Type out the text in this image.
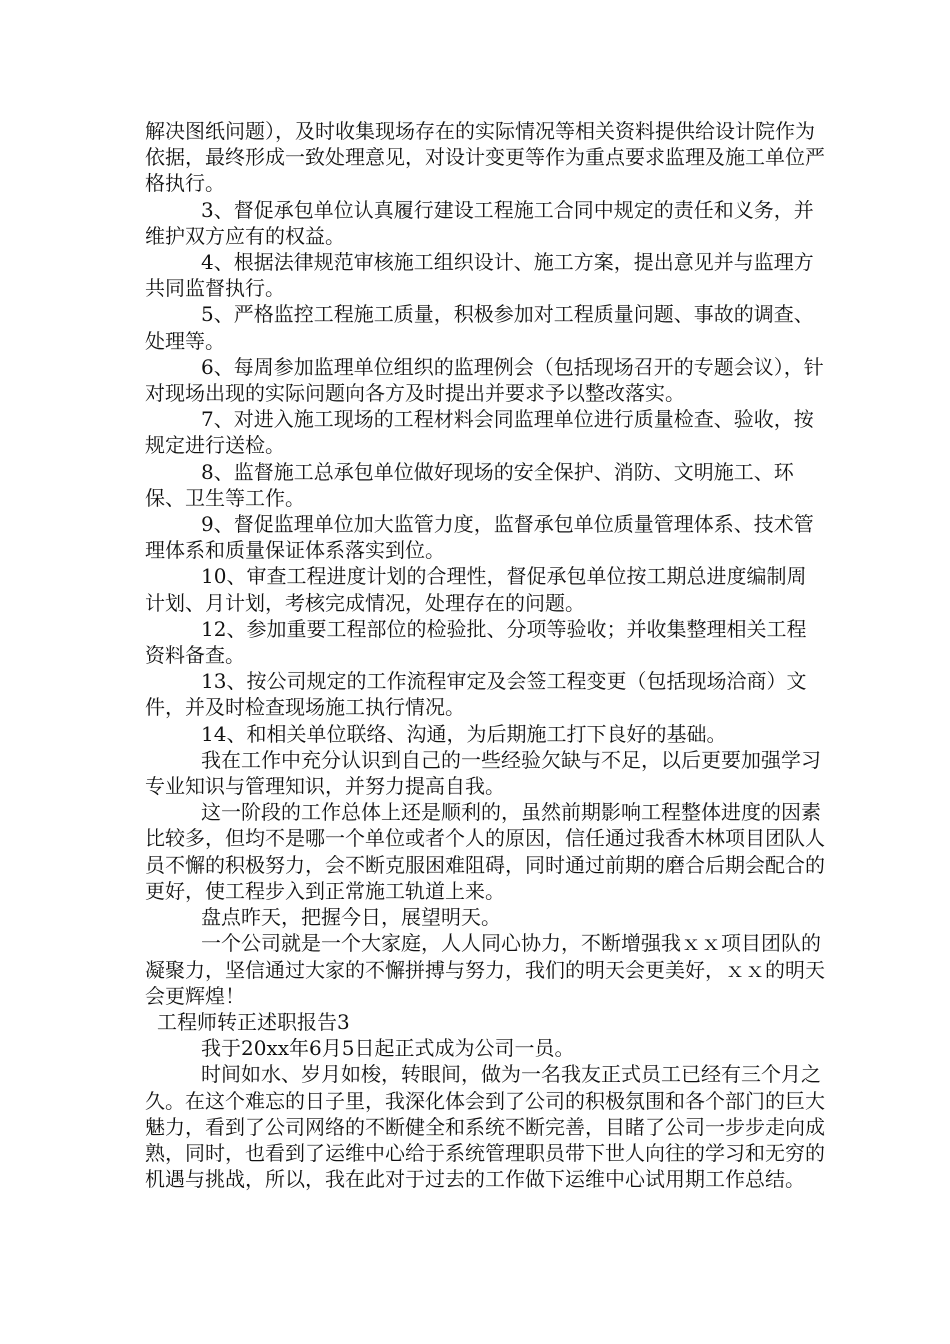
解决图纸问题），及时收集现场存在的实际情况等相关资料提供给设计院作为依据，最终形成一致处理意见，对设计变更等作为重点要求监理及施工单位严格执行。

3、督促承包单位认真履行建设工程施工合同中规定的责任和义务，并维护双方应有的权益。

4、根据法律规范审核施工组织设计、施工方案，提出意见并与监理方共同监督执行。

5、严格监控工程施工质量，积极参加对工程质量问题、事故的调查、处理等。

6、每周参加监理单位组织的监理例会（包括现场召开的专题会议），针对现场出现的实际问题向各方及时提出并要求予以整改落实。

7、对进入施工现场的工程材料会同监理单位进行质量检查、验收，按规定进行送检。

8、监督施工总承包单位做好现场的安全保护、消防、文明施工、环保、卫生等工作。

9、督促监理单位加大监管力度，监督承包单位质量管理体系、技术管理体系和质量保证体系落实到位。

10、审查工程进度计划的合理性，督促承包单位按工期总进度编制周计划、月计划，考核完成情况，处理存在的问题。

12、参加重要工程部位的检验批、分项等验收；并收集整理相关工程资料备查。

13、按公司规定的工作流程审定及会签工程变更（包括现场洽商）文件，并及时检查现场施工执行情况。

14、和相关单位联络、沟通，为后期施工打下良好的基础。

我在工作中充分认识到自己的一些经验欠缺与不足，以后更要加强学习专业知识与管理知识，并努力提高自我。

这一阶段的工作总体上还是顺利的，虽然前期影响工程整体进度的因素比较多，但均不是哪一个单位或者个人的原因，信任通过我香木林项目团队人员不懈的积极努力，会不断克服困难阻碍，同时通过前期的磨合后期会配合的更好，使工程步入到正常施工轨道上来。

盘点昨天，把握今日，展望明天。

一个公司就是一个大家庭，人人同心协力，不断增强我ｘｘ项目团队的凝聚力，坚信通过大家的不懈拼搏与努力，我们的明天会更美好，ｘｘ的明天会更辉煌！

工程师转正述职报告3

我于20xx年6月5日起正式成为公司一员。

时间如水、岁月如梭，转眼间，做为一名我友正式员工已经有三个月之久。在这个难忘的日子里，我深化体会到了公司的积极氛围和各个部门的巨大魅力，看到了公司网络的不断健全和系统不断完善，目睹了公司一步步走向成熟，同时，也看到了运维中心给于系统管理职员带下世人向往的学习和无穷的机遇与挑战，所以，我在此对于过去的工作做下运维中心试用期工作总结。
